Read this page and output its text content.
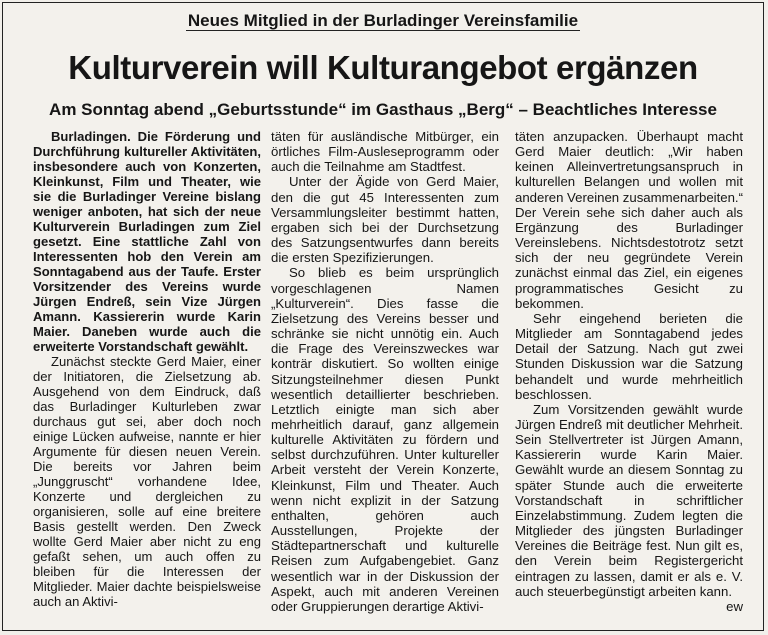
Neues Mitglied in der Burladinger Vereinsfamilie
Kulturverein will Kulturangebot ergänzen
Am Sonntag abend „Geburtsstunde“ im Gasthaus „Berg“ – Beachtliches Interesse

Burladingen. Die Förderung und Durchführung kultureller Aktivitäten, insbesondere auch von Konzerten, Kleinkunst, Film und Theater, wie sie die Burladinger Vereine bislang weniger anboten, hat sich der neue Kulturverein Burladingen zum Ziel gesetzt. Eine stattliche Zahl von Interessenten hob den Verein am Sonntagabend aus der Taufe. Erster Vorsitzender des Vereins wurde Jürgen Endreß, sein Vize Jürgen Amann. Kassiererin wurde Karin Maier. Daneben wurde auch die erweiterte Vorstandschaft gewählt.

Zunächst steckte Gerd Maier, einer der Initiatoren, die Zielsetzung ab. Ausgehend von dem Eindruck, daß das Burladinger Kulturleben zwar durchaus gut sei, aber doch noch einige Lücken aufweise, nannte er hier Argumente für diesen neuen Verein. Die bereits vor Jahren beim „Junggruscht“ vorhandene Idee, Konzerte und dergleichen zu organisieren, solle auf eine breitere Basis gestellt werden. Den Zweck wollte Gerd Maier aber nicht zu eng gefaßt sehen, um auch offen zu bleiben für die Interessen der Mitglieder. Maier dachte beispielsweise auch an Aktivi-

täten für ausländische Mitbürger, ein örtliches Film-Ausleseprogramm oder auch die Teilnahme am Stadtfest.

Unter der Ägide von Gerd Maier, den die gut 45 Interessenten zum Versammlungsleiter bestimmt hatten, ergaben sich bei der Durchsetzung des Satzungsentwurfes dann bereits die ersten Spezifizierungen.

So blieb es beim ursprünglich vorgeschlagenen Namen „Kulturverein“. Dies fasse die Zielsetzung des Vereins besser und schränke sie nicht unnötig ein. Auch die Frage des Vereinszweckes war konträr diskutiert. So wollten einige Sitzungsteilnehmer diesen Punkt wesentlich detaillierter beschrieben. Letztlich einigte man sich aber mehrheitlich darauf, ganz allgemein kulturelle Aktivitäten zu fördern und selbst durchzuführen. Unter kultureller Arbeit versteht der Verein Konzerte, Kleinkunst, Film und Theater. Auch wenn nicht explizit in der Satzung enthalten, gehören auch Ausstellungen, Projekte der Städtepartnerschaft und kulturelle Reisen zum Aufgabengebiet. Ganz wesentlich war in der Diskussion der Aspekt, auch mit anderen Vereinen oder Gruppierungen derartige Aktivi-

täten anzupacken. Überhaupt macht Gerd Maier deutlich: „Wir haben keinen Alleinvertretungsanspruch in kulturellen Belangen und wollen mit anderen Vereinen zusammenarbeiten.“ Der Verein sehe sich daher auch als Ergänzung des Burladinger Vereinslebens. Nichtsdestotrotz setzt sich der neu gegründete Verein zunächst einmal das Ziel, ein eigenes programmatisches Gesicht zu bekommen.

Sehr eingehend berieten die Mitglieder am Sonntagabend jedes Detail der Satzung. Nach gut zwei Stunden Diskussion war die Satzung behandelt und wurde mehrheitlich beschlossen.

Zum Vorsitzenden gewählt wurde Jürgen Endreß mit deutlicher Mehrheit. Sein Stellvertreter ist Jürgen Amann, Kassiererin wurde Karin Maier. Gewählt wurde an diesem Sonntag zu später Stunde auch die erweiterte Vorstandschaft in schriftlicher Einzelabstimmung. Zudem legten die Mitglieder des jüngsten Burladinger Vereines die Beiträge fest. Nun gilt es, den Verein beim Registergericht eintragen zu lassen, damit er als e. V. auch steuerbegünstigt arbeiten kann.

ew
